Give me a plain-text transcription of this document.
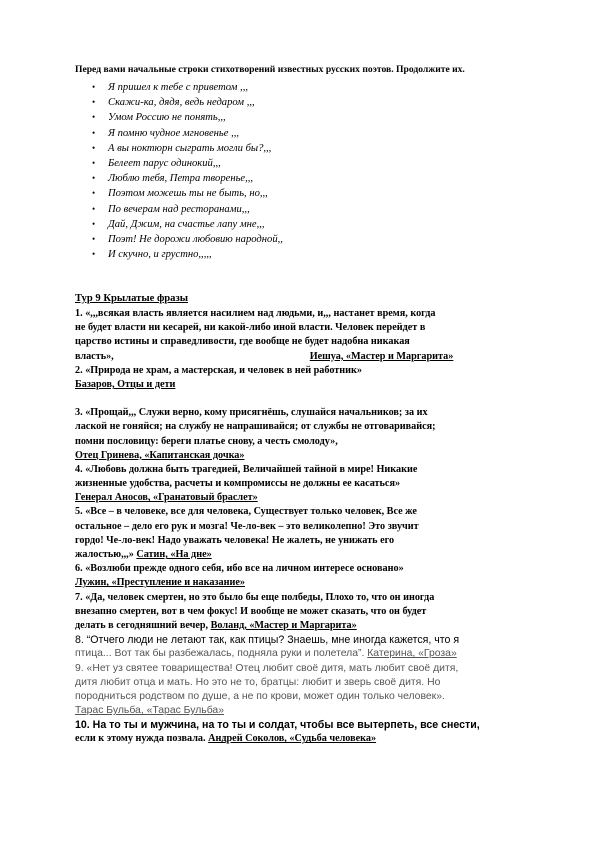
Перед вами начальные строки стихотворений известных русских поэтов. Продолжите их.
• Я пришел к тебе с приветом ,,,
• Скажи-ка, дядя, ведь недаром ,,,
• Умом Россию не понять,,,
• Я помню чудное мгновенье ,,,
• А вы ноктюрн сыграть могли бы?,,,
• Белеет парус одинокий,,,
• Люблю тебя, Петра творенье,,,
• Поэтом можешь ты не быть, но,,,
• По вечерам над ресторанами,,,
• Дай, Джим, на счастье лапу мне,,,
• Поэт! Не дорожи любовию народной,,
• И скучно, и грустно,,,,,
Тур 9 Крылатые фразы
1. «,,,всякая власть является насилием над людьми, и,,, настанет время, когда
не будет власти ни кесарей, ни какой-либо иной власти. Человек перейдет в
царство истины и справедливости, где вообще не будет надобна никакая
власть»,	Иешуа, «Мастер и Маргарита»
2. «Природа не храм, а мастерская, и человек в ней работник»
Базаров, Отцы и дети
3. «Прощай,,, Служи верно, кому присягнёшь, слушайся начальников; за их
лаской не гоняйся; на службу не напрашивайся; от службы не отговаривайся;
помни пословицу: береги платье снову, а честь смолоду»,
Отец Гринева, «Капитанская дочка»
4. «Любовь должна быть трагедией, Величайшей тайной в мире! Никакие
жизненные удобства, расчеты и компромиссы не должны ее касаться»
Генерал Аносов, «Гранатовый браслет»
5. «Все – в человеке, все для человека, Существует только человек, Все же
остальное – дело его рук и мозга! Че-ло-век – это великолепно! Это звучит
гордо! Че-ло-век! Надо уважать человека! Не жалеть, не унижать его
жалостью,,,» Сатин, «На дне»
6. «Возлюби прежде одного себя, ибо все на личном интересе основано»
Лужин, «Преступление и наказание»
7. «Да, человек смертен, но это было бы еще полбеды, Плохо то, что он иногда
внезапно смертен, вот в чем фокус! И вообще не может сказать, что он будет
делать в сегодняшний вечер, Воланд, «Мастер и Маргарита»
8. “Отчего люди не летают так, как птицы? Знаешь, мне иногда кажется, что я
птица... Вот так бы разбежалась, подняла руки и полетела”. Катерина, «Гроза»
9. «Нет уз святее товарищества! Отец любит своё дитя, мать любит своё дитя,
дитя любит отца и мать. Но это не то, братцы: любит и зверь своё дитя. Но
породниться родством по душе, а не по крови, может один только человек».
Тарас Бульба, «Тарас Бульба»
10. На то ты и мужчина, на то ты и солдат, чтобы все вытерпеть, все снести,
если к этому нужда позвала. Андрей Соколов, «Судьба человека»
